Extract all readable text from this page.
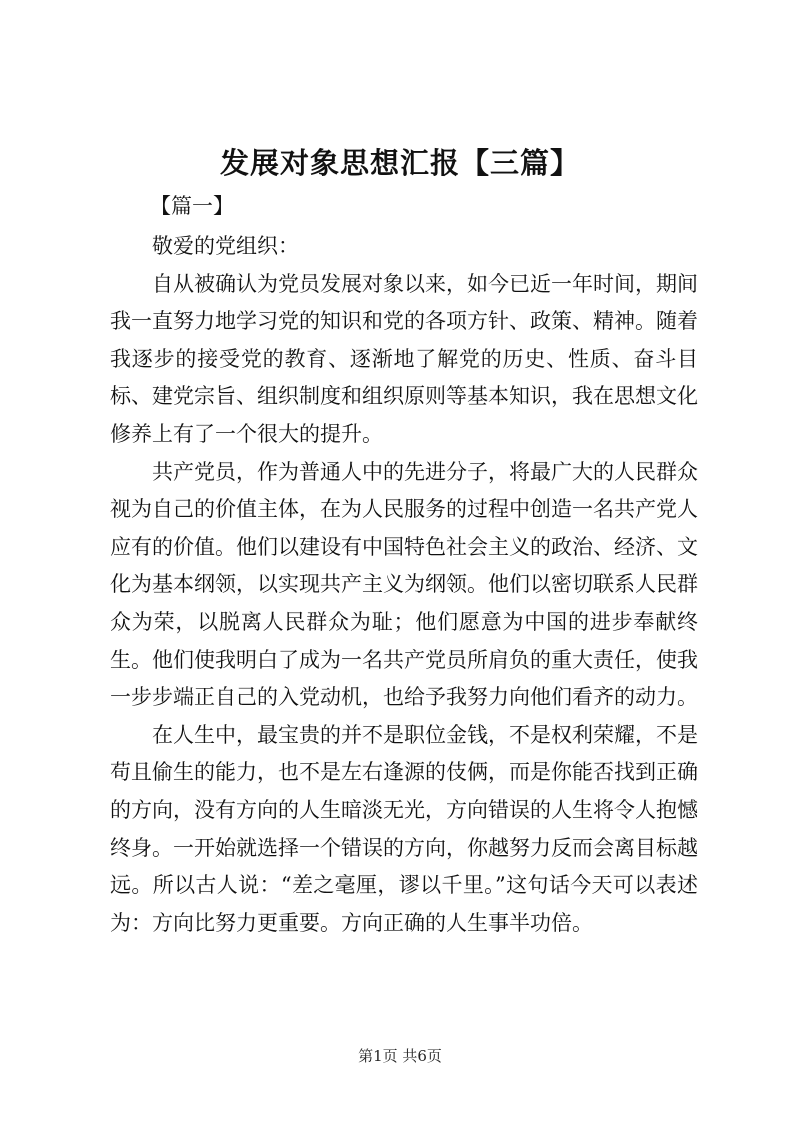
发展对象思想汇报【三篇】
【篇一】

敬爱的党组织：

自从被确认为党员发展对象以来，如今已近一年时间，期间我一直努力地学习党的知识和党的各项方针、政策、精神。随着我逐步的接受党的教育、逐渐地了解党的历史、性质、奋斗目标、建党宗旨、组织制度和组织原则等基本知识，我在思想文化修养上有了一个很大的提升。

共产党员，作为普通人中的先进分子，将最广大的人民群众视为自己的价值主体，在为人民服务的过程中创造一名共产党人应有的价值。他们以建设有中国特色社会主义的政治、经济、文化为基本纲领，以实现共产主义为纲领。他们以密切联系人民群众为荣，以脱离人民群众为耻；他们愿意为中国的进步奉献终生。他们使我明白了成为一名共产党员所肩负的重大责任，使我一步步端正自己的入党动机，也给予我努力向他们看齐的动力。

在人生中，最宝贵的并不是职位金钱，不是权利荣耀，不是苟且偷生的能力，也不是左右逢源的伎俩，而是你能否找到正确的方向，没有方向的人生暗淡无光，方向错误的人生将令人抱憾终身。一开始就选择一个错误的方向，你越努力反而会离目标越远。所以古人说：“差之毫厘，谬以千里。”这句话今天可以表述为：方向比努力更重要。方向正确的人生事半功倍。

第1页 共6页
